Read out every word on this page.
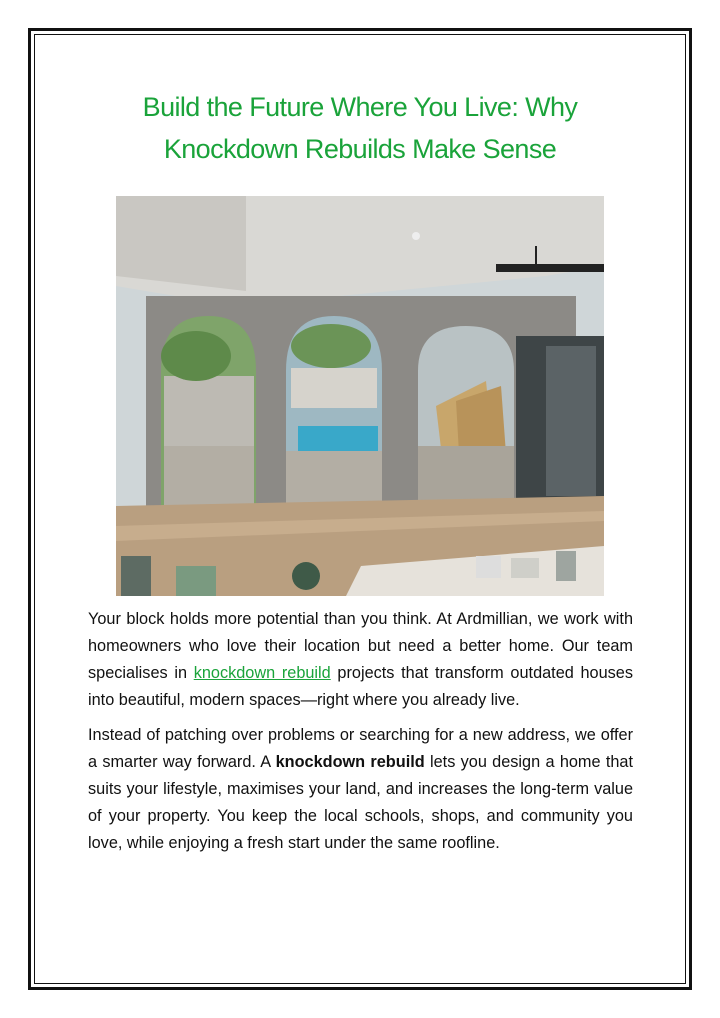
Build the Future Where You Live: Why
Knockdown Rebuilds Make Sense

Your block holds more potential than you think. At Ardmillian, we work with homeowners who love their location but need a better home. Our team specialises in knockdown rebuild projects that transform outdated houses into beautiful, modern spaces—right where you already live.

Instead of patching over problems or searching for a new address, we offer a smarter way forward. A knockdown rebuild lets you design a home that suits your lifestyle, maximises your land, and increases the long-term value of your property. You keep the local schools, shops, and community you love, while enjoying a fresh start under the same roofline.
